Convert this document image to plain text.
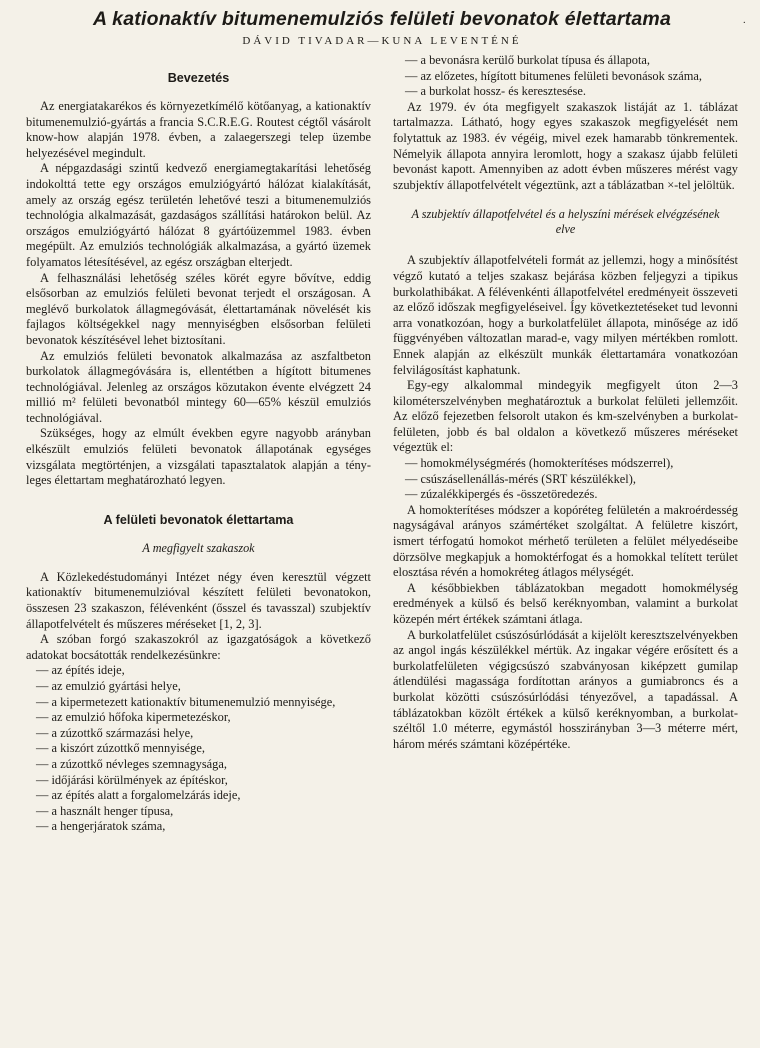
·
A kationaktív bitumenemulziós felületi bevonatok élettartama
DÁVID TIVADAR—KUNA LEVENTÉNÉ
Bevezetés

Az energiatakarékos és környezetkímélő kötőanyag, a kationaktív bitumenemulzió-gyártás a francia S.C.R.E.G. Routest cégtől vásárolt know-how alapján 1978. évben, a zalaegerszegi telep üzembe helyezésével megindult.

A népgazdasági szintű kedvező energiamegtakarítási lehetőség indokolttá tette egy országos emulziógyártó hálózat kialakítását, amely az ország egész területén lehetővé teszi a bitumenemulziós technológia alkalmazását, gazdaságos szállítási határokon belül. Az országos emulziógyártó hálózat 8 gyártóüzemmel 1983. évben megépült. Az emulziós technológiák alkalmazása, a gyártó üzemek folyamatos létesítésével, az egész országban elterjedt.

A felhasználási lehetőség széles körét egyre bővítve, eddig elsősorban az emulziós felületi bevonat terjedt el országosan. A meglévő burkolatok állagmegóvását, élettartamának növelését kis fajlagos költségekkel nagy mennyiségben elsősorban felületi bevonatok készítésével lehet biztosítani.

Az emulziós felületi bevonatok alkalmazása az aszfaltbeton burkolatok állagmegóvására is, ellentétben a hígított bitumenes technológiával. Jelenleg az országos közutakon évente elvégzett 24 millió m² felületi bevonatból mintegy 60—65% készül emulziós technológiával.

Szükséges, hogy az elmúlt években egyre nagyobb arányban elkészült emulziós felületi bevonatok állapotának egységes vizsgálata megtörténjen, a vizsgálati tapasztalatok alapján a tényleges élettartam meghatározható legyen.

A felületi bevonatok élettartama
A megfigyelt szakaszok

A Közlekedéstudományi Intézet négy éven keresztül végzett kationaktív bitumenemulzióval készített felületi bevonatokon, összesen 23 szakaszon, félévenként (ősszel és tavasszal) szubjektív állapotfelvételt és műszeres méréseket [1, 2, 3].

A szóban forgó szakaszokról az igazgatóságok a következő adatokat bocsátották rendelkezésünkre:

— az építés ideje,
— az emulzió gyártási helye,
— a kipermetezett kationaktív bitumenemulzió mennyisége,
— az emulzió hőfoka kipermetezéskor,
— a zúzottkő származási helye,
— a kiszórt zúzottkő mennyisége,
— a zúzottkő névleges szemnagysága,
— időjárási körülmények az építéskor,
— az építés alatt a forgalomelzárás ideje,
— a használt henger típusa,
— a hengerjáratok száma,
— a bevonásra kerülő burkolat típusa és állapota,
— az előzetes, hígított bitumenes felületi bevonások száma,
— a burkolat hossz- és keresztesése.

Az 1979. év óta megfigyelt szakaszok listáját az 1. táblázat tartalmazza. Látható, hogy egyes szakaszok megfigyelését nem folytattuk az 1983. év végéig, mivel ezek hamarabb tönkrementek. Némelyik állapota annyira leromlott, hogy a szakasz újabb felületi bevonást kapott. Amennyiben az adott évben műszeres mérést vagy szubjektív állapotfelvételt végeztünk, azt a táblázatban ×-tel jelöltük.

A szubjektív állapotfelvétel és a helyszíni mérések elvégzésének elve

A szubjektív állapotfelvételi formát az jellemzi, hogy a minősítést végző kutató a teljes szakasz bejárása közben feljegyzi a tipikus burkolathibákat. A félévenkénti állapotfelvétel eredményeit összeveti az előző időszak megfigyeléseivel. Így következtetéseket tud levonni arra vonatkozóan, hogy a burkolatfelület állapota, minősége az idő függvényében változatlan marad-e, vagy milyen mértékben romlott. Ennek alapján az elkészült munkák élettartamára vonatkozóan felvilágosítást kaphatunk.

Egy-egy alkalommal mindegyik megfigyelt úton 2—3 kilométerszelvényben meghatároztuk a burkolat felületi jellemzőit. Az előző fejezetben felsorolt utakon és km-szelvényben a burkolatfelületen, jobb és bal oldalon a következő műszeres méréseket végeztük el:

— homokmélységmérés (homokterítéses módszerrel),
— csúszásellenállás-mérés (SRT készülékkel),
— zúzalékkipergés és -összetöredezés.

A homokterítéses módszer a kopóréteg felületén a makroérdesség nagyságával arányos számértéket szolgáltat. A felületre kiszórt, ismert térfogatú homokot mérhető területen a felület mélyedéseibe dörzsölve megkapjuk a homoktérfogat és a homokkal telített terület elosztása révén a homokréteg átlagos mélységét.

A későbbiekben táblázatokban megadott homokmélység eredmények a külső és belső keréknyomban, valamint a burkolat közepén mért értékek számtani átlaga.

A burkolatfelület csúszósúrlódását a kijelölt keresztszelvényekben az angol ingás készülékkel mértük. Az ingakar végére erősített és a burkolatfelületen végigcsúszó szabványosan kiképzett gumilap átlendülési magassága fordítottan arányos a gumiabroncs és a burkolat közötti csúszósúrlódási tényezővel, a tapadással. A táblázatokban közölt értékek a külső keréknyomban, a burkolatszéltől 1.0 méterre, egymástól hosszirányban 3—3 méterre mért, három mérés számtani középértéke.
